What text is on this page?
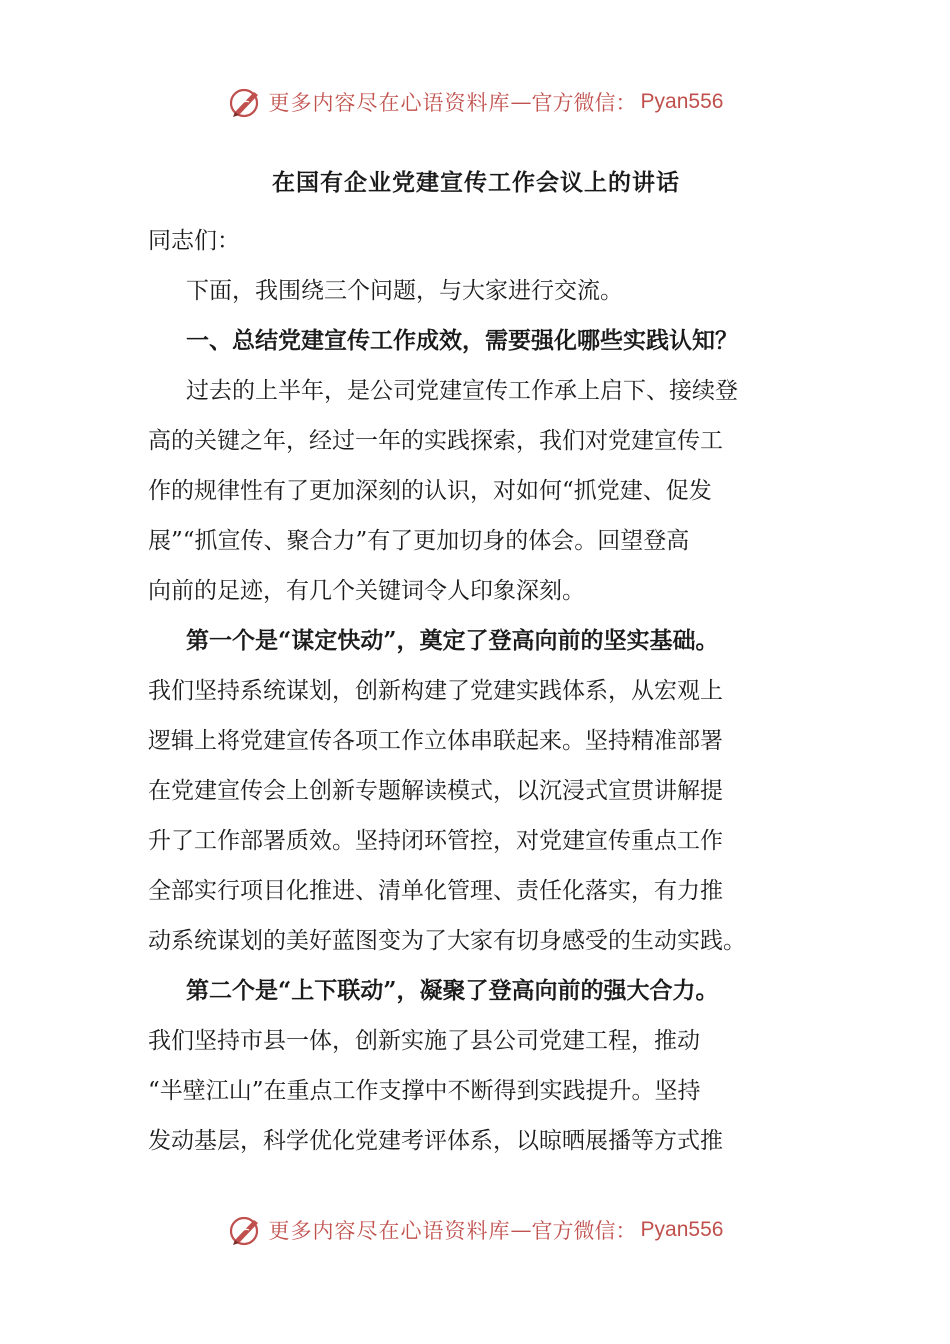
更多内容尽在心语资料库 — 官方微信： Pyan556
在国有企业党建宣传工作会议上的讲话
同志们：
下面，我围绕三个问题，与大家进行交流。
一、总结党建宣传工作成效，需要强化哪些实践认知？
过去的上半年，是公司党建宣传工作承上启下、接续登
高的关键之年，经过一年的实践探索，我们对党建宣传工
作的规律性有了更加深刻的认识，对如何“抓党建、促发
展”“抓宣传、聚合力”有了更加切身的体会。回望登高
向前的足迹，有几个关键词令人印象深刻。
第一个是“谋定快动”，奠定了登高向前的坚实基础。
我们坚持系统谋划，创新构建了党建实践体系，从宏观上
逻辑上将党建宣传各项工作立体串联起来。坚持精准部署
在党建宣传会上创新专题解读模式，以沉浸式宣贯讲解提
升了工作部署质效。坚持闭环管控，对党建宣传重点工作
全部实行项目化推进、清单化管理、责任化落实，有力推
动系统谋划的美好蓝图变为了大家有切身感受的生动实践。
第二个是“上下联动”，凝聚了登高向前的强大合力。
我们坚持市县一体，创新实施了县公司党建工程，推动
“半壁江山”在重点工作支撑中不断得到实践提升。坚持
发动基层，科学优化党建考评体系，以晾晒展播等方式推
更多内容尽在心语资料库 — 官方微信： Pyan556
